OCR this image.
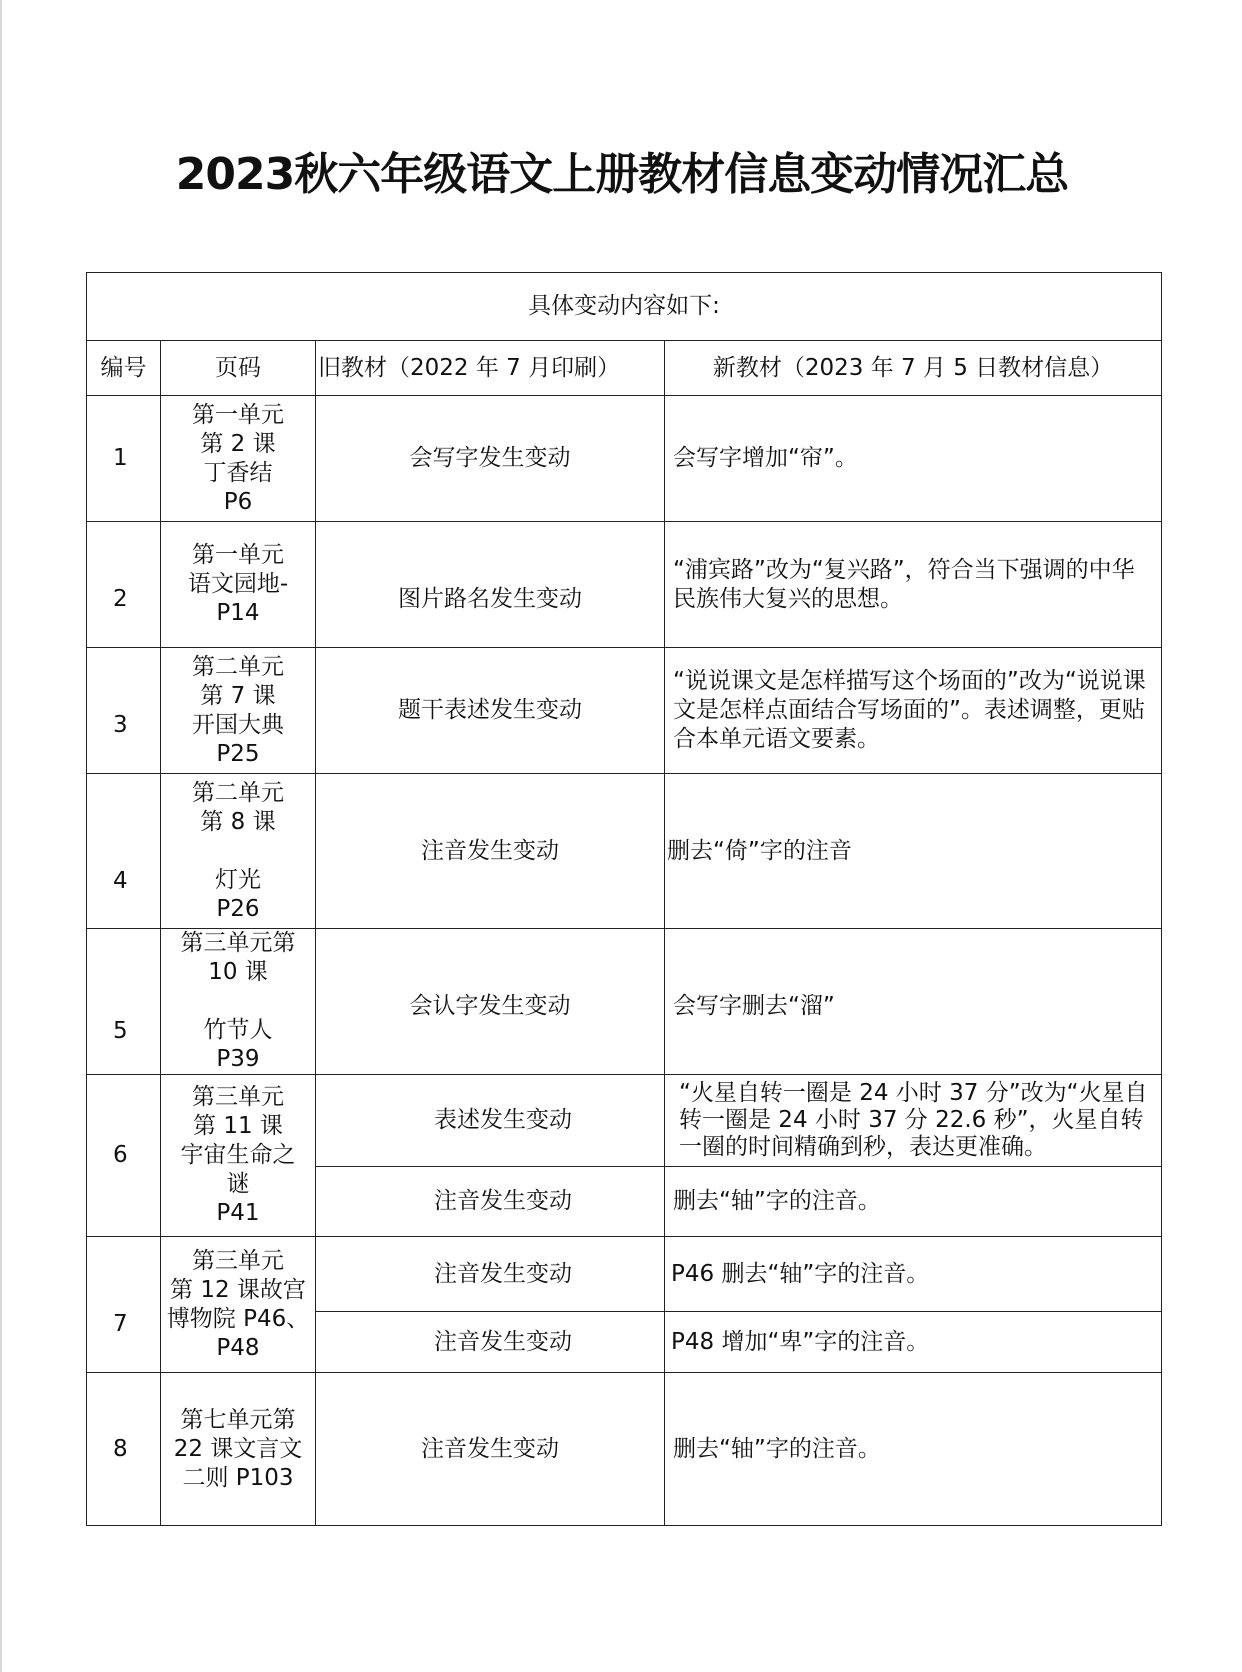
2023秋六年级语文上册教材信息变动情况汇总
具体变动内容如下:			
编号	页码	旧教材（2022 年 7 月印刷）	新教材（2023 年 7 月 5 日教材信息）
1	第一单元
第 2 课
丁香结
P6	会写字发生变动	会写字增加“帘”。
2	第一单元
语文园地-
P14	图片路名发生变动	“浦宾路”改为“复兴路”，符合当下强调的中华民族伟大复兴的思想。
3	第二单元
第 7 课
开国大典
P25	题干表述发生变动	“说说课文是怎样描写这个场面的”改为“说说课文是怎样点面结合写场面的”。表述调整，更贴合本单元语文要素。
4	第二单元
第 8 课

灯光
P26	注音发生变动	删去“倚”字的注音
5	第三单元第
10 课

竹节人
P39	会认字发生变动	会写字删去“溜”
6	第三单元
第 11 课
宇宙生命之
谜
P41	表述发生变动	“火星自转一圈是 24 小时 37 分”改为“火星自转一圈是 24 小时 37 分 22.6 秒”，火星自转一圈的时间精确到秒，表达更准确。
		注音发生变动	删去“轴”字的注音。
7	第三单元
第 12 课故宫
博物院 P46、
P48	注音发生变动	P46 删去“轴”字的注音。
		注音发生变动	P48 增加“卑”字的注音。
8	第七单元第
22 课文言文
二则 P103	注音发生变动	删去“轴”字的注音。
